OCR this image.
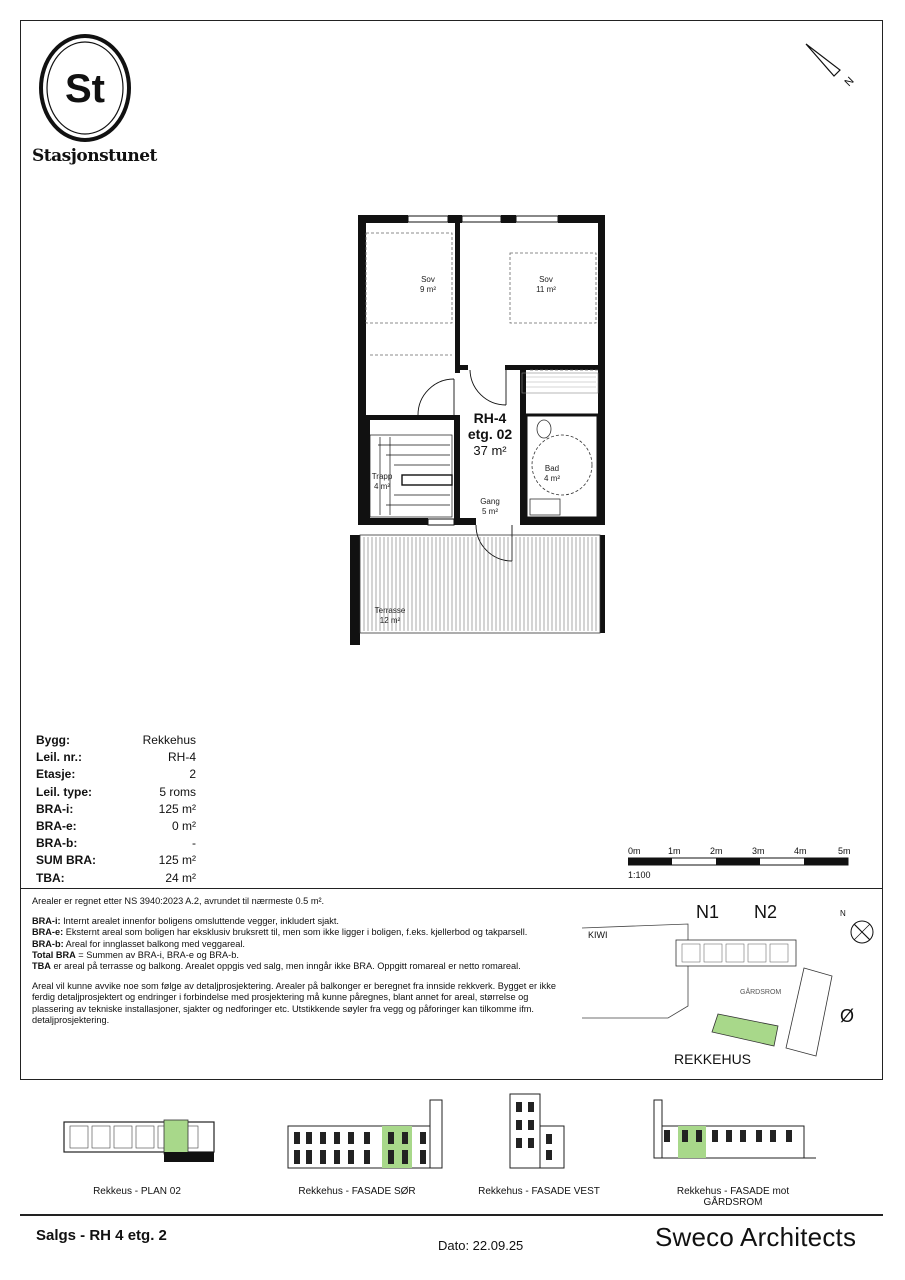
St
Stasjonstunet
N
Sov
9 m²
Sov
11 m²
Bad
4 m²
Trapp
4 m²
Gang
5 m²
Terrasse
12 m²
RH-4
etg. 02
37 m²
Bygg:	Rekkehus
Leil. nr.:	RH-4
Etasje:	2
Leil. type:	5 roms
BRA-i:	125 m²
BRA-e:	0 m²
BRA-b:	-
SUM BRA:	125 m²
TBA:	24 m²
0m	1m	2m	3m	4m	5m
1:100

Arealer er regnet etter NS 3940:2023 A.2, avrundet til nærmeste 0.5 m².

BRA-i: Internt arealet innenfor boligens omsluttende vegger, inkludert sjakt.

BRA-e: Eksternt areal som boligen har eksklusiv bruksrett til, men som ikke ligger i boligen, f.eks. kjellerbod og takparsell.

BRA-b: Areal for innglasset balkong med veggareal.

Total BRA = Summen av BRA-i, BRA-e og BRA-b.

TBA er areal på terrasse og balkong. Arealet oppgis ved salg, men inngår ikke BRA. Oppgitt romareal er netto romareal.

Areal vil kunne avvike noe som følge av detaljprosjektering. Arealer på balkonger er beregnet fra innside rekkverk. Bygget er ikke ferdig detaljprosjektert og endringer i forbindelse med prosjektering må kunne påregnes, blant annet for areal, størrelse og plassering av tekniske installasjoner, sjakter og nedforinger etc. Utstikkende søyler fra vegg og påforinger kan tilkomme ifm. detaljprosjektering.

N1 N2	N
KIWI
GÅRDSROM
REKKEHUS
Ø
Rekkeus - PLAN 02	Rekkehus - FASADE SØR	Rekkehus - FASADE VEST	Rekkehus - FASADE mot GÅRDSROM
Salgs - RH 4 etg. 2
Dato: 22.09.25	Sweco Architects
